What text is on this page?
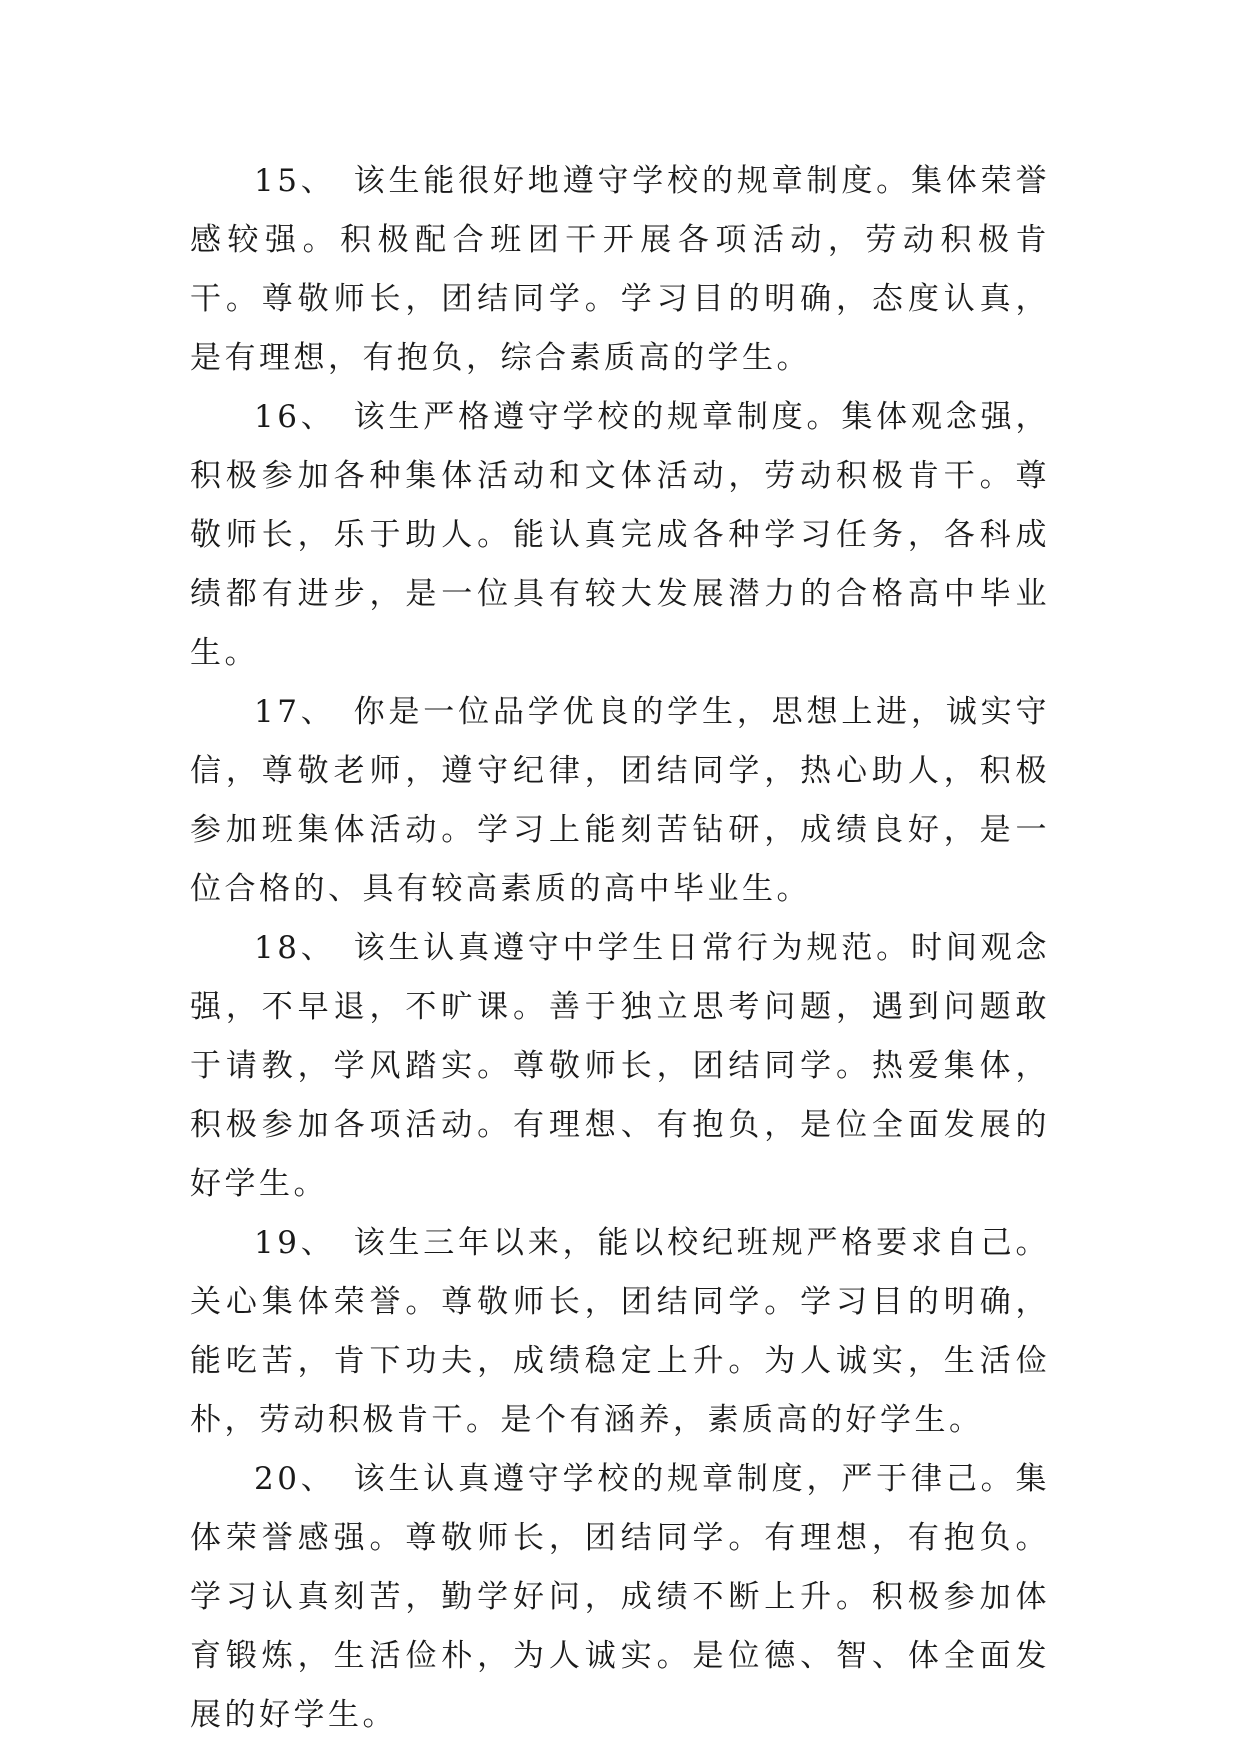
15、 该生能很好地遵守学校的规章制度。集体荣誉感较强。积极配合班团干开展各项活动，劳动积极肯干。尊敬师长，团结同学。学习目的明确，态度认真，是有理想，有抱负，综合素质高的学生。

16、 该生严格遵守学校的规章制度。集体观念强，积极参加各种集体活动和文体活动，劳动积极肯干。尊敬师长，乐于助人。能认真完成各种学习任务，各科成绩都有进步，是一位具有较大发展潜力的合格高中毕业生。

17、 你是一位品学优良的学生，思想上进，诚实守信，尊敬老师，遵守纪律，团结同学，热心助人，积极参加班集体活动。学习上能刻苦钻研，成绩良好，是一位合格的、具有较高素质的高中毕业生。

18、 该生认真遵守中学生日常行为规范。时间观念强，不早退，不旷课。善于独立思考问题，遇到问题敢于请教，学风踏实。尊敬师长，团结同学。热爱集体，积极参加各项活动。有理想、有抱负，是位全面发展的好学生。

19、 该生三年以来，能以校纪班规严格要求自己。关心集体荣誉。尊敬师长，团结同学。学习目的明确，能吃苦，肯下功夫，成绩稳定上升。为人诚实，生活俭朴，劳动积极肯干。是个有涵养，素质高的好学生。

20、 该生认真遵守学校的规章制度，严于律己。集体荣誉感强。尊敬师长，团结同学。有理想，有抱负。学习认真刻苦，勤学好问，成绩不断上升。积极参加体育锻炼，生活俭朴，为人诚实。是位德、智、体全面发展的好学生。
